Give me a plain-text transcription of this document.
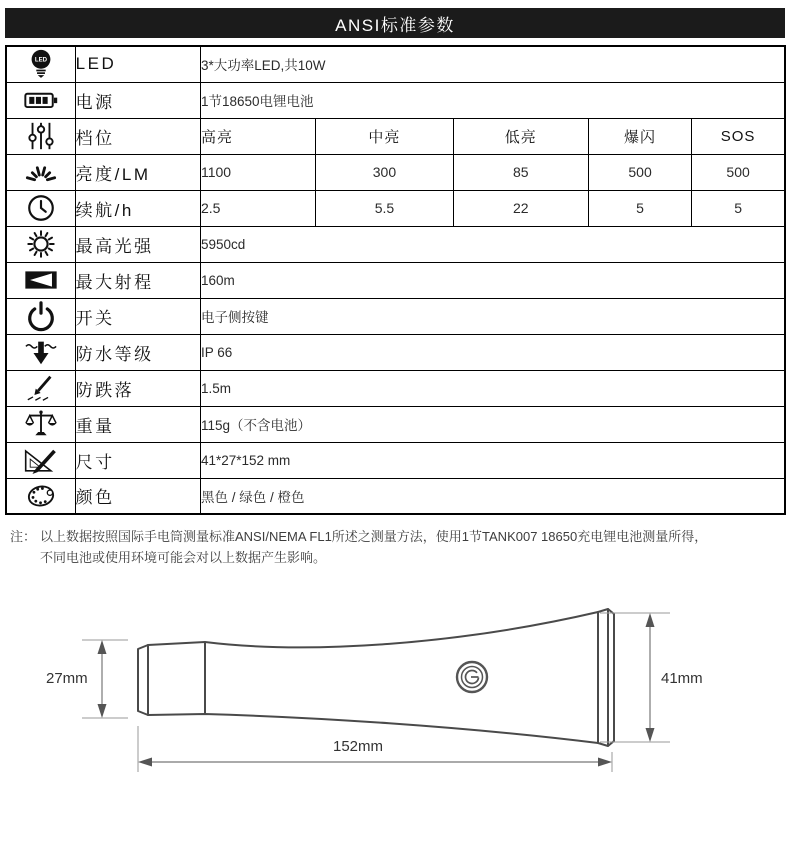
ANSI标准参数
LED	LED	3*大功率LED,共10W				

	电源	1节18650电锂电池				

	档位	高亮	中亮	低亮	爆闪	SOS

	亮度/LM	1100	300	85	500	500

	续航/h	2.5	5.5	22	5	5

	最高光强	5950cd				

	最大射程	160m				

	开关	电子侧按键				

	防水等级	IP 66				

	防跌落	1.5m				

	重量	115g（不含电池）				

	尺寸	41*27*152 mm				

	颜色	黑色 / 绿色 / 橙色				
注： 以上数据按照国际手电筒测量标准ANSI/NEMA FL1所述之测量方法，使用1节TANK007 18650充电锂电池测量所得，
不同电池或使用环境可能会对以上数据产生影响。
27mm	41mm
152mm
